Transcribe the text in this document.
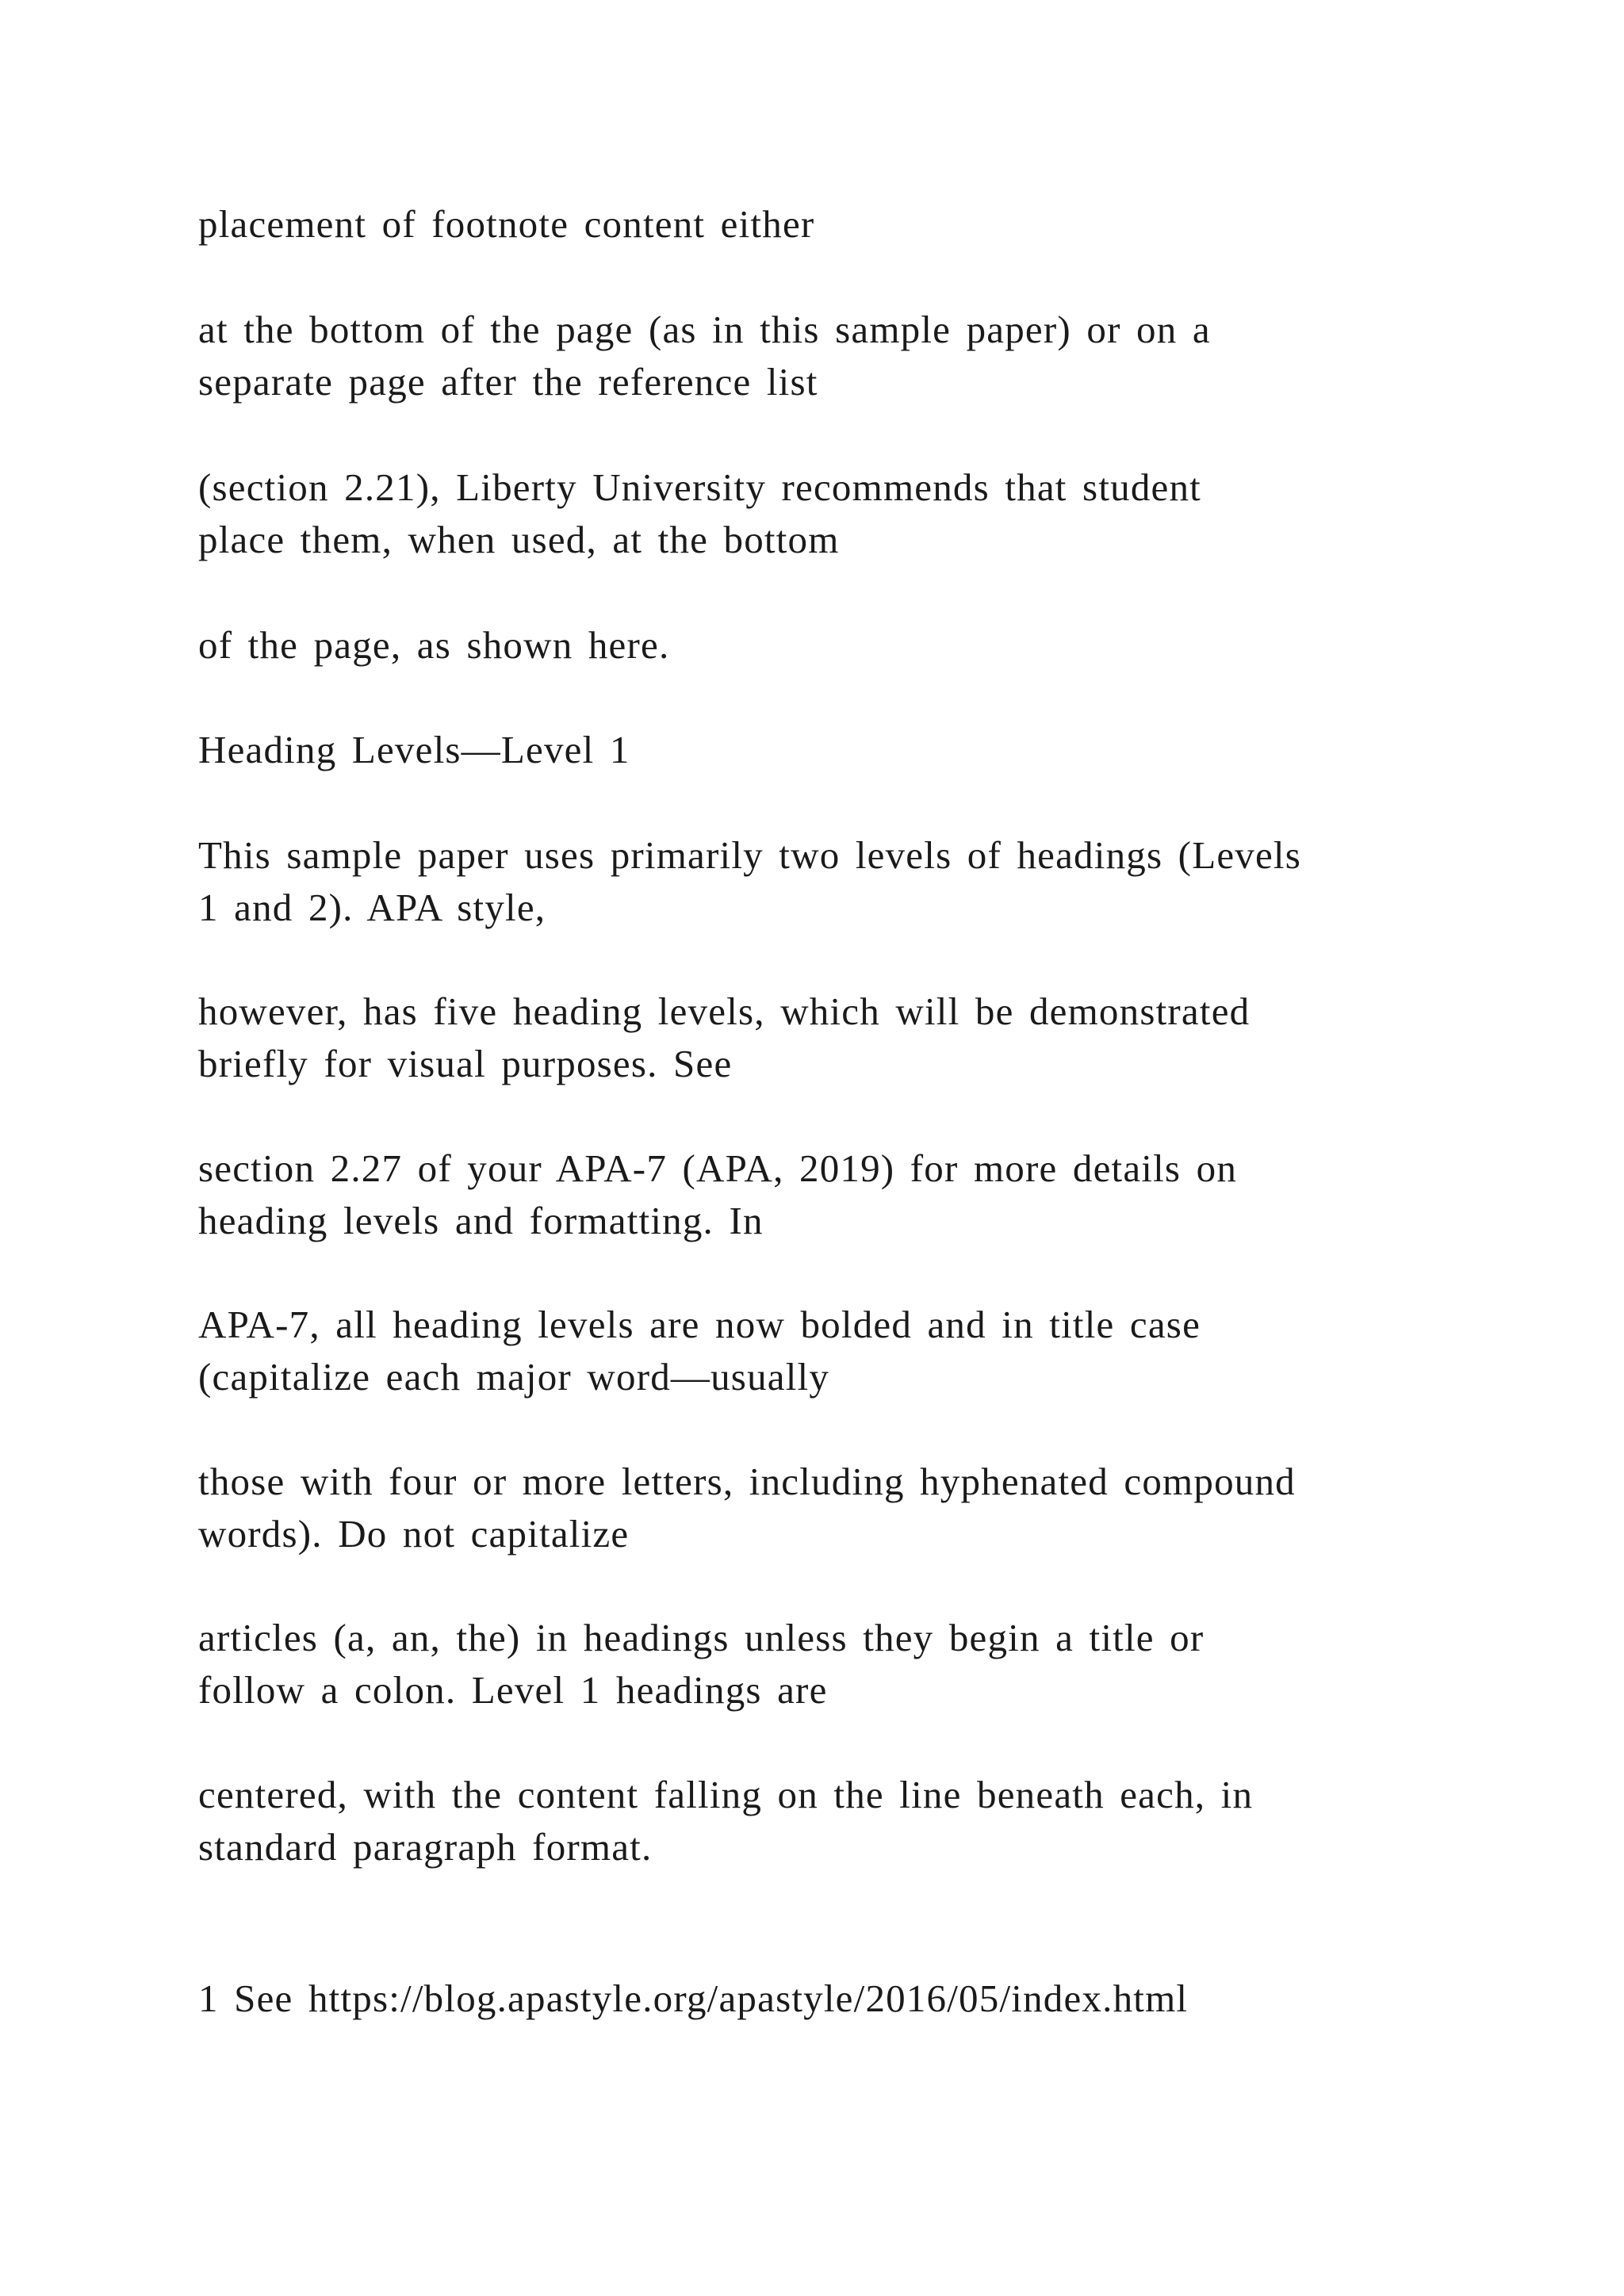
placement of footnote content either
at the bottom of the page (as in this sample paper) or on a
separate page after the reference list
(section 2.21), Liberty University recommends that student
place them, when used, at the bottom
of the page, as shown here.
Heading Levels—Level 1
This sample paper uses primarily two levels of headings (Levels
1 and 2). APA style,
however, has five heading levels, which will be demonstrated
briefly for visual purposes. See
section 2.27 of your APA-7 (APA, 2019) for more details on
heading levels and formatting. In
APA-7, all heading levels are now bolded and in title case
(capitalize each major word—usually
those with four or more letters, including hyphenated compound
words). Do not capitalize
articles (a, an, the) in headings unless they begin a title or
follow a colon. Level 1 headings are
centered, with the content falling on the line beneath each, in
standard paragraph format.
1 See https://blog.apastyle.org/apastyle/2016/05/index.html
